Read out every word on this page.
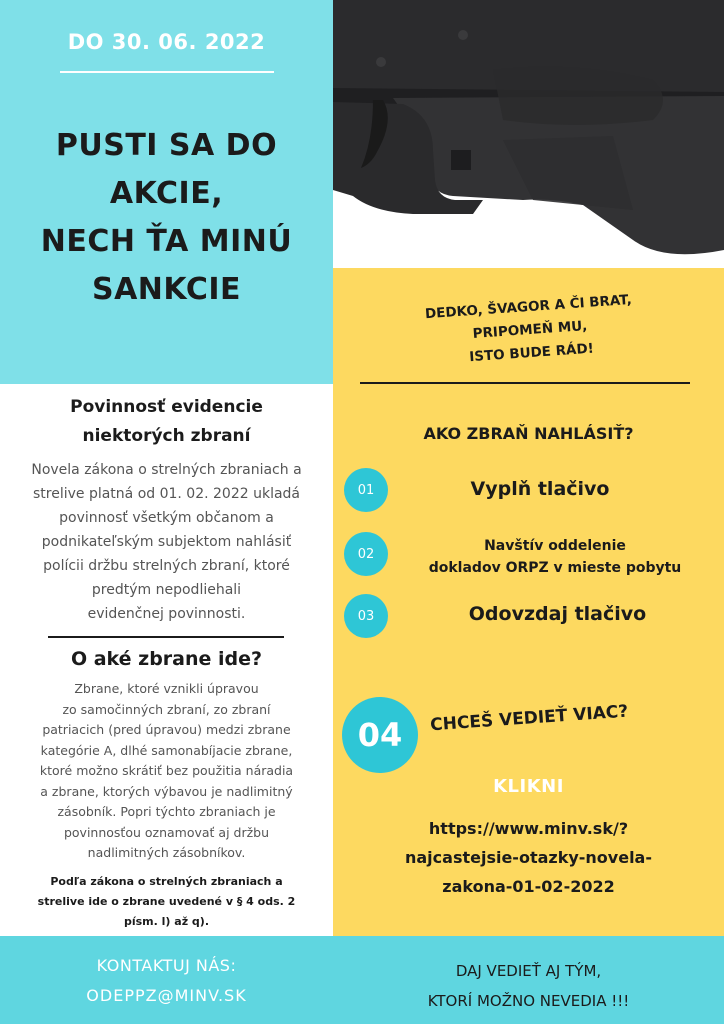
DO 30. 06. 2022
PUSTI SA DO
AKCIE,
NECH ŤA MINÚ
SANKCIE
DEDKO, ŠVAGOR A ČI BRAT,
PRIPOMEŇ MU,
ISTO BUDE RÁD!
AKO ZBRAŇ NAHLÁSIŤ?
01	Vyplň tlačivo
02	Navštív oddelenie
dokladov ORPZ v mieste pobytu
03	Odovzdaj tlačivo
04	CHCEŠ VEDIEŤ VIAC?
KLIKNI
https://www.minv.sk/?
najcastejsie-otazky-novela-
zakona-01-02-2022
Povinnosť evidencie
niektorých zbraní
Novela zákona o strelných zbraniach a
strelive platná od 01. 02. 2022 ukladá
povinnosť všetkým občanom a
podnikateľským subjektom nahlásiť
polícii držbu strelných zbraní, ktoré
predtým nepodliehali
evidenčnej povinnosti.
O aké zbrane ide?
Zbrane, ktoré vznikli úpravou
zo samočinných zbraní, zo zbraní
patriacich (pred úpravou) medzi zbrane
kategórie A, dlhé samonabíjacie zbrane,
ktoré možno skrátiť bez použitia náradia
a zbrane, ktorých výbavou je nadlimitný
zásobník. Popri týchto zbraniach je
povinnosťou oznamovať aj držbu
nadlimitných zásobníkov.
Podľa zákona o strelných zbraniach a
strelive ide o zbrane uvedené v § 4 ods. 2
písm. l) až q).
KONTAKTUJ NÁS:
ODEPPZ@MINV.SK
DAJ VEDIEŤ AJ TÝM,
KTORÍ MOŽNO NEVEDIA !!!
